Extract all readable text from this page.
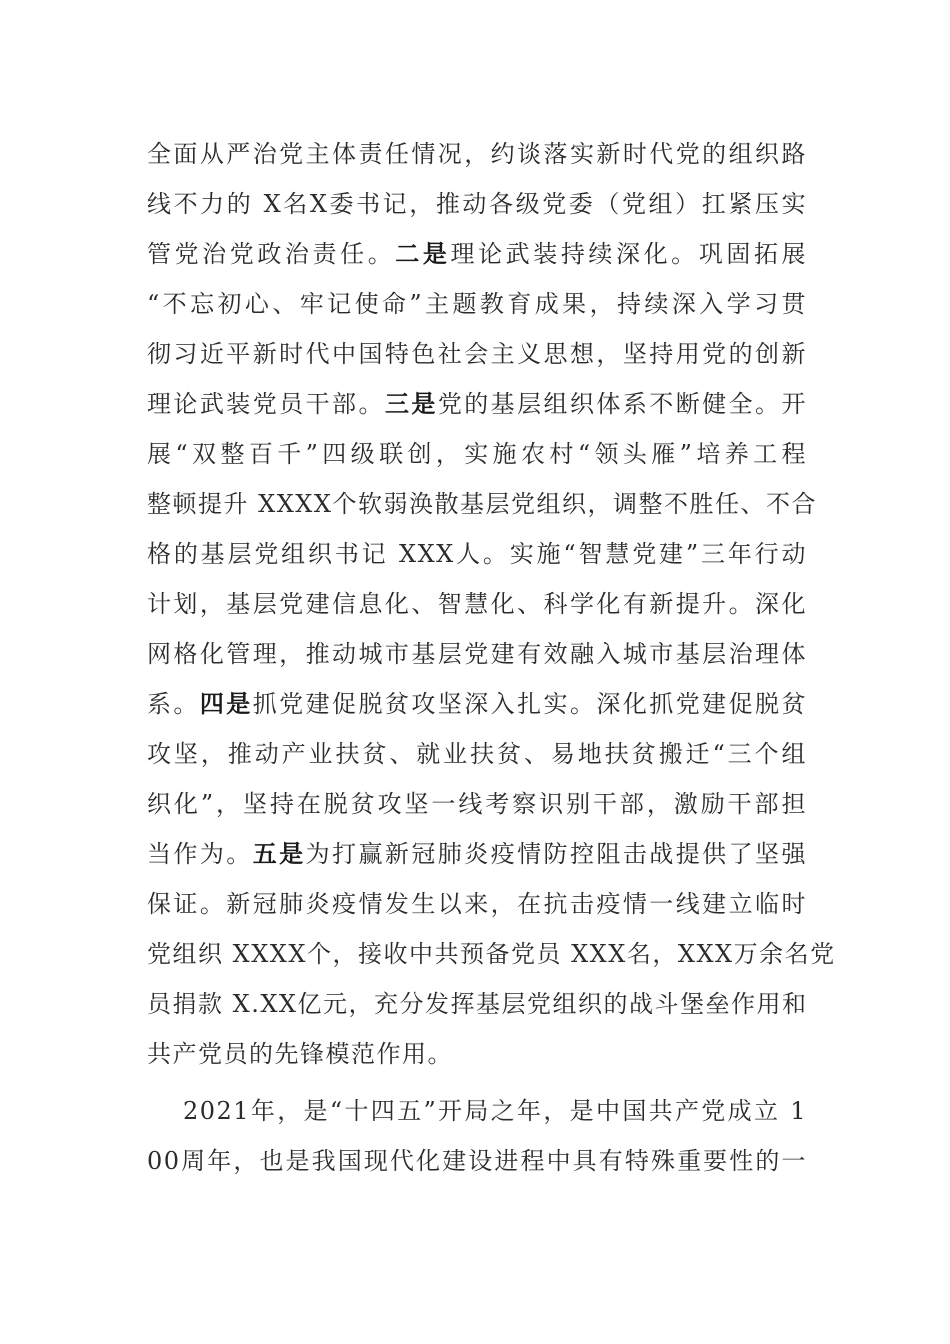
全面从严治党主体责任情况，约谈落实新时代党的组织路
线不力的 X名X委书记，推动各级党委（党组）扛紧压实
管党治党政治责任。二是理论武装持续深化。巩固拓展
“不忘初心、牢记使命”主题教育成果，持续深入学习贯
彻习近平新时代中国特色社会主义思想，坚持用党的创新
理论武装党员干部。三是党的基层组织体系不断健全。开
展“双整百千”四级联创，实施农村“领头雁”培养工程
整顿提升 XXXX个软弱涣散基层党组织，调整不胜任、不合
格的基层党组织书记 XXX人。实施“智慧党建”三年行动
计划，基层党建信息化、智慧化、科学化有新提升。深化
网格化管理，推动城市基层党建有效融入城市基层治理体
系。四是抓党建促脱贫攻坚深入扎实。深化抓党建促脱贫
攻坚，推动产业扶贫、就业扶贫、易地扶贫搬迁“三个组
织化”，坚持在脱贫攻坚一线考察识别干部，激励干部担
当作为。五是为打赢新冠肺炎疫情防控阻击战提供了坚强
保证。新冠肺炎疫情发生以来，在抗击疫情一线建立临时
党组织 XXXX个，接收中共预备党员 XXX名，XXX万余名党
员捐款 X.XX亿元，充分发挥基层党组织的战斗堡垒作用和
共产党员的先锋模范作用。
2021年，是“十四五”开局之年，是中国共产党成立 1
00周年，也是我国现代化建设进程中具有特殊重要性的一
